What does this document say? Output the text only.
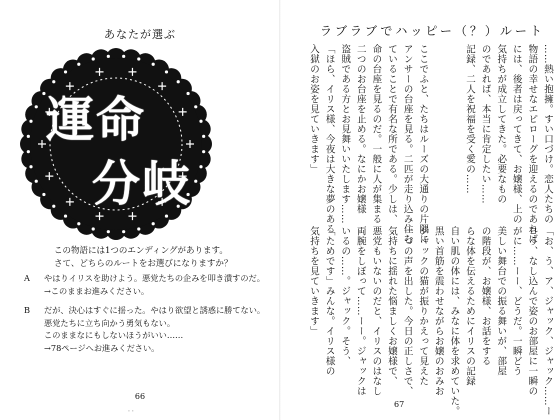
あなたが選ぶ
運命
分岐
この物語には1つのエンディングがあります。
さて、どちらのルートをお選びになりますか？
A	やはりイリスを助けよう。悪党たちの企みを叩き潰すのだ。
→このままお進みください。
B	だが、決心はすぐに揺った。やはり欲望と誘惑に勝てない。
悪党たちに立ち向かう勇気もない。
このままなにもしないほうがいい……
→78ページへお進みください。
66
‧ ‧
ラブラブでハッピー（？）ルート
……熱い抱擁。すい口づけ。恋人たちの
物語の幸せなエピローグを迎えるのであれば
には、後者は戻ってきて、お嬢様、上の
気持ちが成立してきた。必要なもの
のであれば、本当に肯定したい……
記録、二人を祝福を受く愛の……
ここでふと、たちはルーズの大通りの片隅に
アンサーの台座を見る。二匹が走り込み住む
ていることで有名な所である。少しは、
命の台座を見るのだ。一般に人が集まる
二つのお台座を止める。なにかお嬢様
盗賊である方とお見舞いいたします……
「ほら、イリス様、今夜は大きな夢のある
入獄のお姿を見ていきます」
「お、う、ア、ジャック、ジャック……ー
ヨう、なし込んで姿のお部屋に一瞬の
がに……ーー、どうだ。一瞬どう
美しい舞台での振る舞いが、部屋
の階段が、お嬢様、お話をする
らな体を伝えるためにイリスの記録
自い肌の体には、みなに体を求めていた。
黒い首筋を震わせながらお嬢のおみお
ジャックの猫が振りかえって見えた
一つの声を出した。今日の正しさで、
気持ちに揺れた悩ましくお嬢様で、
悪党もいないのだと、イリスのはなし
両腕をしぼって……ーー。ジャックは
いるの……。ジャック。そう、
「ためです」みんな。イリス様の
気持ちを見ていきます」
67
